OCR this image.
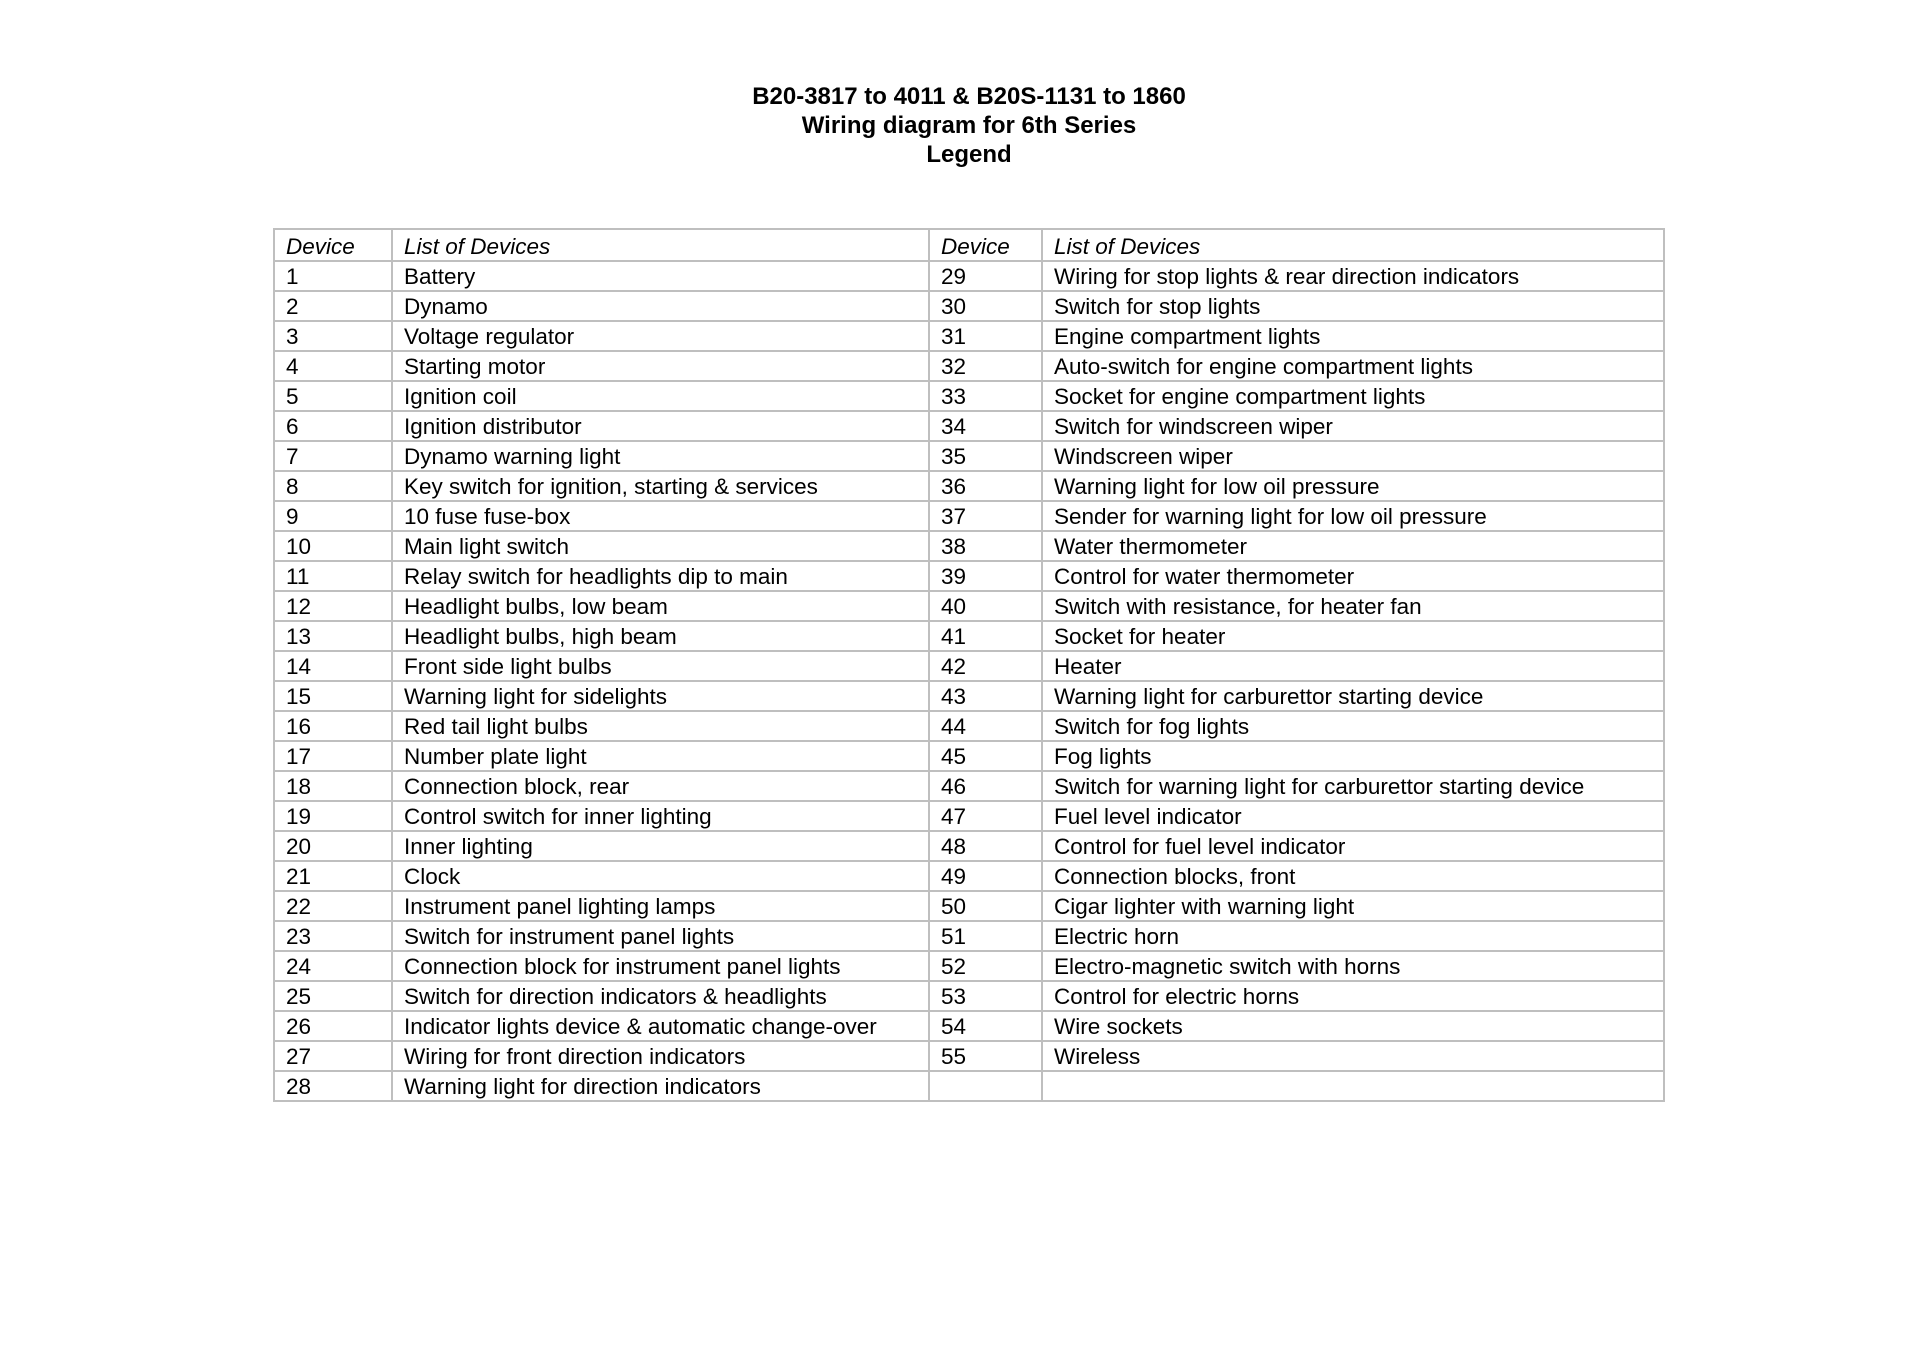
B20-3817 to 4011 & B20S-1131 to 1860

Wiring diagram for 6th Series

Legend

Device	List of Devices	Device	List of Devices
1	Battery	29	Wiring for stop lights & rear direction indicators
2	Dynamo	30	Switch for stop lights
3	Voltage regulator	31	Engine compartment lights
4	Starting motor	32	Auto-switch for engine compartment lights
5	Ignition coil	33	Socket for engine compartment lights
6	Ignition distributor	34	Switch for windscreen wiper
7	Dynamo warning light	35	Windscreen wiper
8	Key switch for ignition, starting & services	36	Warning light for low oil pressure
9	10 fuse fuse-box	37	Sender for warning light for low oil pressure
10	Main light switch	38	Water thermometer
11	Relay switch for headlights dip to main	39	Control for water thermometer
12	Headlight bulbs, low beam	40	Switch with resistance, for heater fan
13	Headlight bulbs, high beam	41	Socket for heater
14	Front side light bulbs	42	Heater
15	Warning light for sidelights	43	Warning light for carburettor starting device
16	Red tail light bulbs	44	Switch for fog lights
17	Number plate light	45	Fog lights
18	Connection block, rear	46	Switch for warning light for carburettor starting device
19	Control switch for inner lighting	47	Fuel level indicator
20	Inner lighting	48	Control for fuel level indicator
21	Clock	49	Connection blocks, front
22	Instrument panel lighting lamps	50	Cigar lighter with warning light
23	Switch for instrument panel lights	51	Electric horn
24	Connection block for instrument panel lights	52	Electro-magnetic switch with horns
25	Switch for direction indicators & headlights	53	Control for electric horns
26	Indicator lights device & automatic change-over	54	Wire sockets
27	Wiring for front direction indicators	55	Wireless
28	Warning light for direction indicators		
